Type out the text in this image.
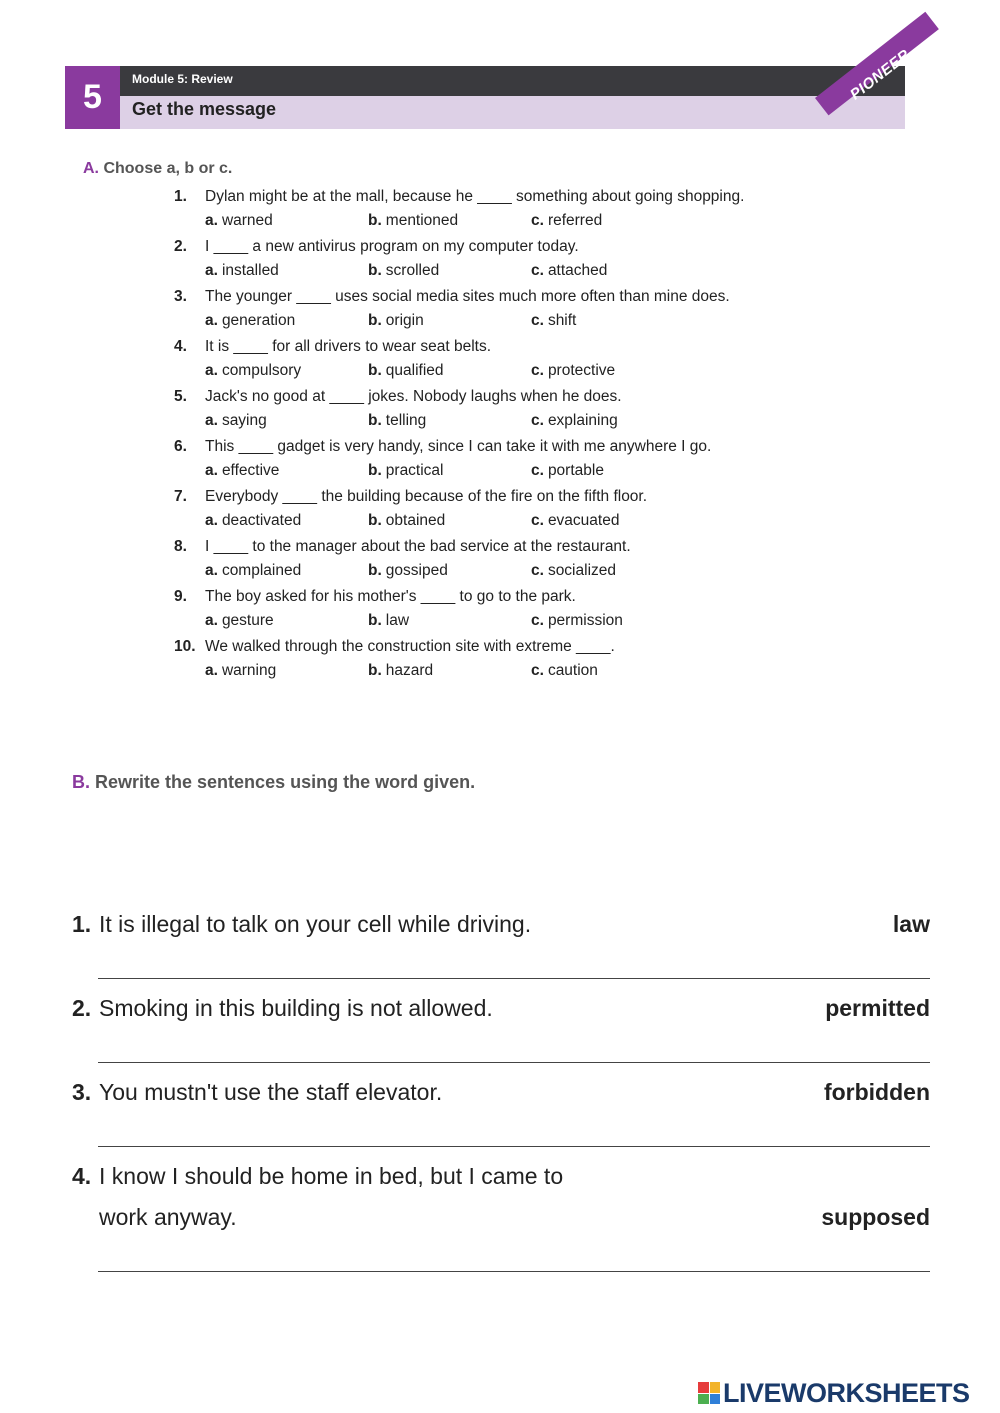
5	Module 5: Review
Get the message
PIONEER
A. Choose a, b or c.
1. Dylan might be at the mall, because he ____ something about going shopping.
a. warned	b. mentioned	c. referred
2. I ____ a new antivirus program on my computer today.
a. installed	b. scrolled	c. attached
3. The younger ____ uses social media sites much more often than mine does.
a. generation	b. origin	c. shift
4. It is ____ for all drivers to wear seat belts.
a. compulsory	b. qualified	c. protective
5. Jack's no good at ____ jokes. Nobody laughs when he does.
a. saying	b. telling	c. explaining
6. This ____ gadget is very handy, since I can take it with me anywhere I go.
a. effective	b. practical	c. portable
7. Everybody ____ the building because of the fire on the fifth floor.
a. deactivated	b. obtained	c. evacuated
8. I ____ to the manager about the bad service at the restaurant.
a. complained	b. gossiped	c. socialized
9. The boy asked for his mother's ____ to go to the park.
a. gesture	b. law	c. permission
10. We walked through the construction site with extreme ____.
a. warning	b. hazard	c. caution
B. Rewrite the sentences using the word given.
1. It is illegal to talk on your cell while driving.	law
2. Smoking in this building is not allowed.	permitted
3. You mustn't use the staff elevator.	forbidden
4. I know I should be home in bed, but I came to
work anyway.	supposed
LIVEWORKSHEETS
